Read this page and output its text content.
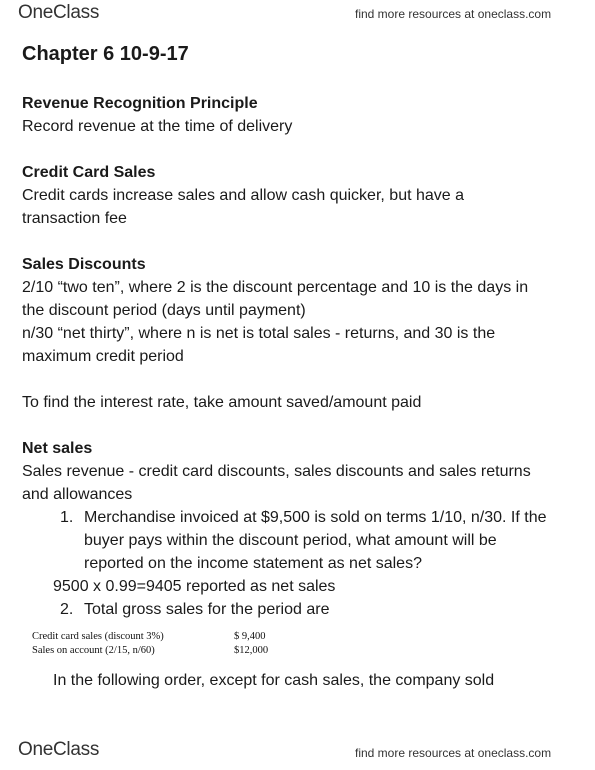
OneClass	find more resources at oneclass.com
Chapter 6 10-9-17
Revenue Recognition Principle
Record revenue at the time of delivery
Credit Card Sales
Credit cards increase sales and allow cash quicker, but have a
transaction fee
Sales Discounts
2/10 “two ten”, where 2 is the discount percentage and 10 is the days in
the discount period (days until payment)
n/30 “net thirty”, where n is net is total sales - returns, and 30 is the
maximum credit period
To find the interest rate, take amount saved/amount paid
Net sales
Sales revenue - credit card discounts, sales discounts and sales returns
and allowances
1. Merchandise invoiced at $9,500 is sold on terms 1/10, n/30. If the
buyer pays within the discount period, what amount will be
reported on the income statement as net sales?
9500 x 0.99=9405 reported as net sales
2. Total gross sales for the period are
Credit card sales (discount 3%)	$ 9,400
Sales on account (2/15, n/60)	$12,000
In the following order, except for cash sales, the company sold
OneClass	find more resources at oneclass.com
